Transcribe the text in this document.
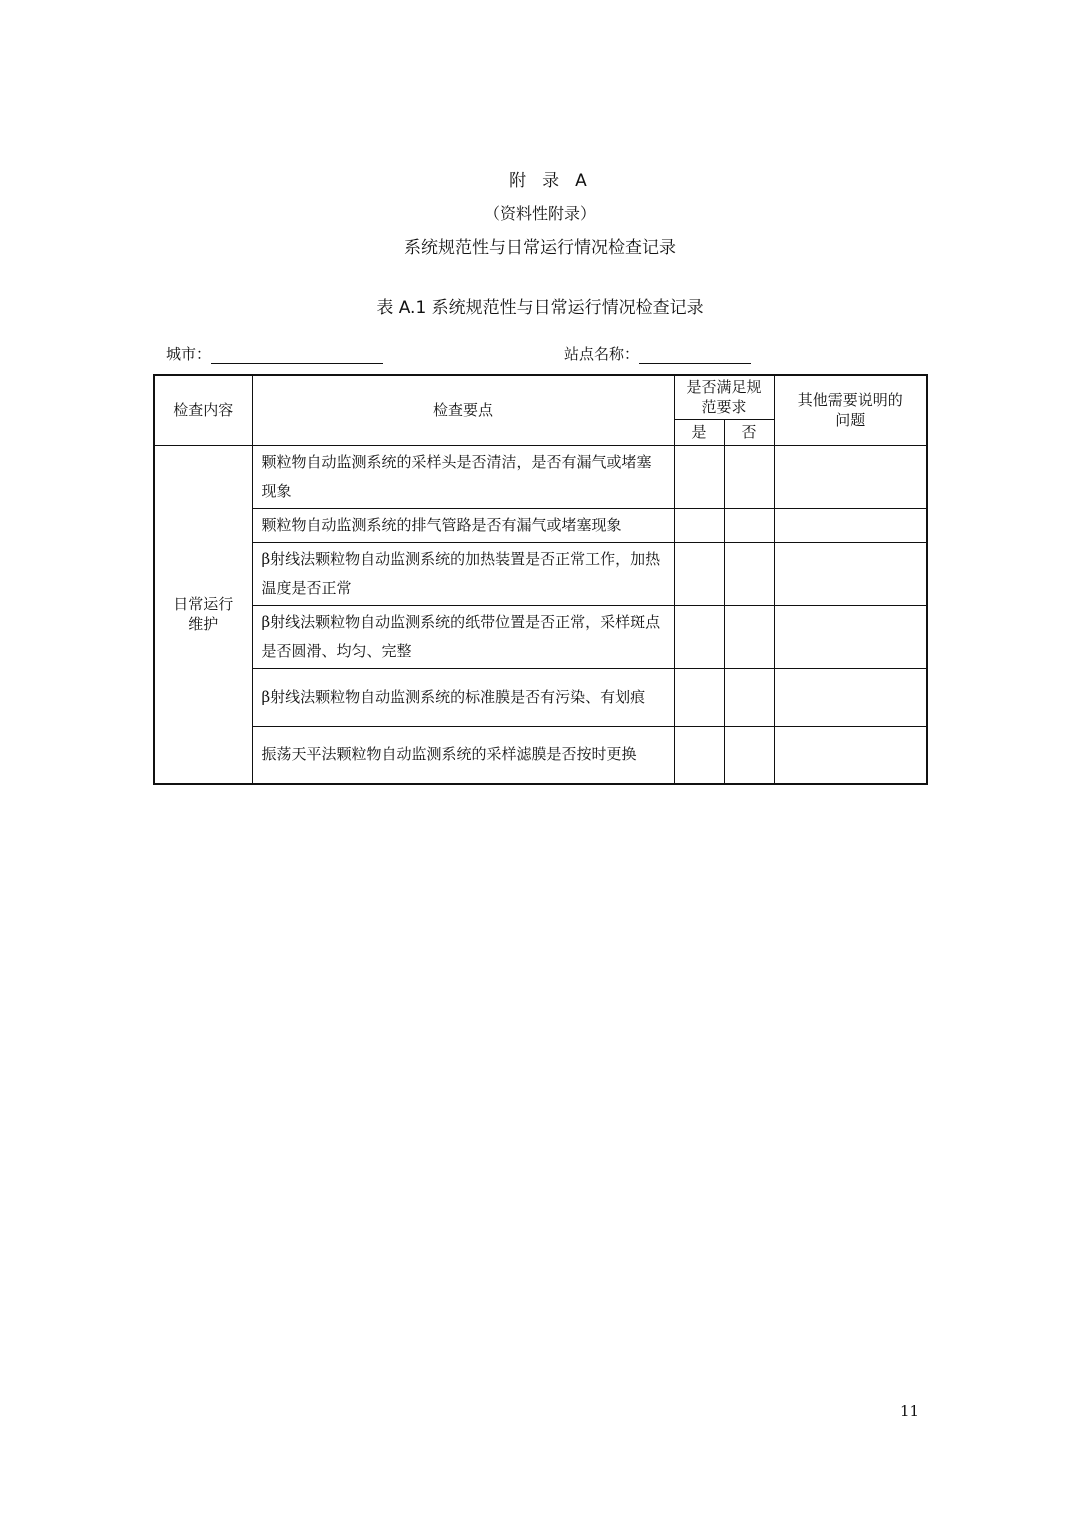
附录A
（资料性附录）
系统规范性与日常运行情况检查记录
表 A.1 系统规范性与日常运行情况检查记录
城市：	站点名称：
检查内容	检查要点	是否满足规范要求		其他需要说明的问题
		是	否	
日常运行维护	颗粒物自动监测系统的采样头是否清洁，是否有漏气或堵塞现象			
	颗粒物自动监测系统的排气管路是否有漏气或堵塞现象			
	β射线法颗粒物自动监测系统的加热装置是否正常工作，加热温度是否正常			
	β射线法颗粒物自动监测系统的纸带位置是否正常，采样斑点是否圆滑、均匀、完整			
	β射线法颗粒物自动监测系统的标准膜是否有污染、有划痕			
	振荡天平法颗粒物自动监测系统的采样滤膜是否按时更换			
11
